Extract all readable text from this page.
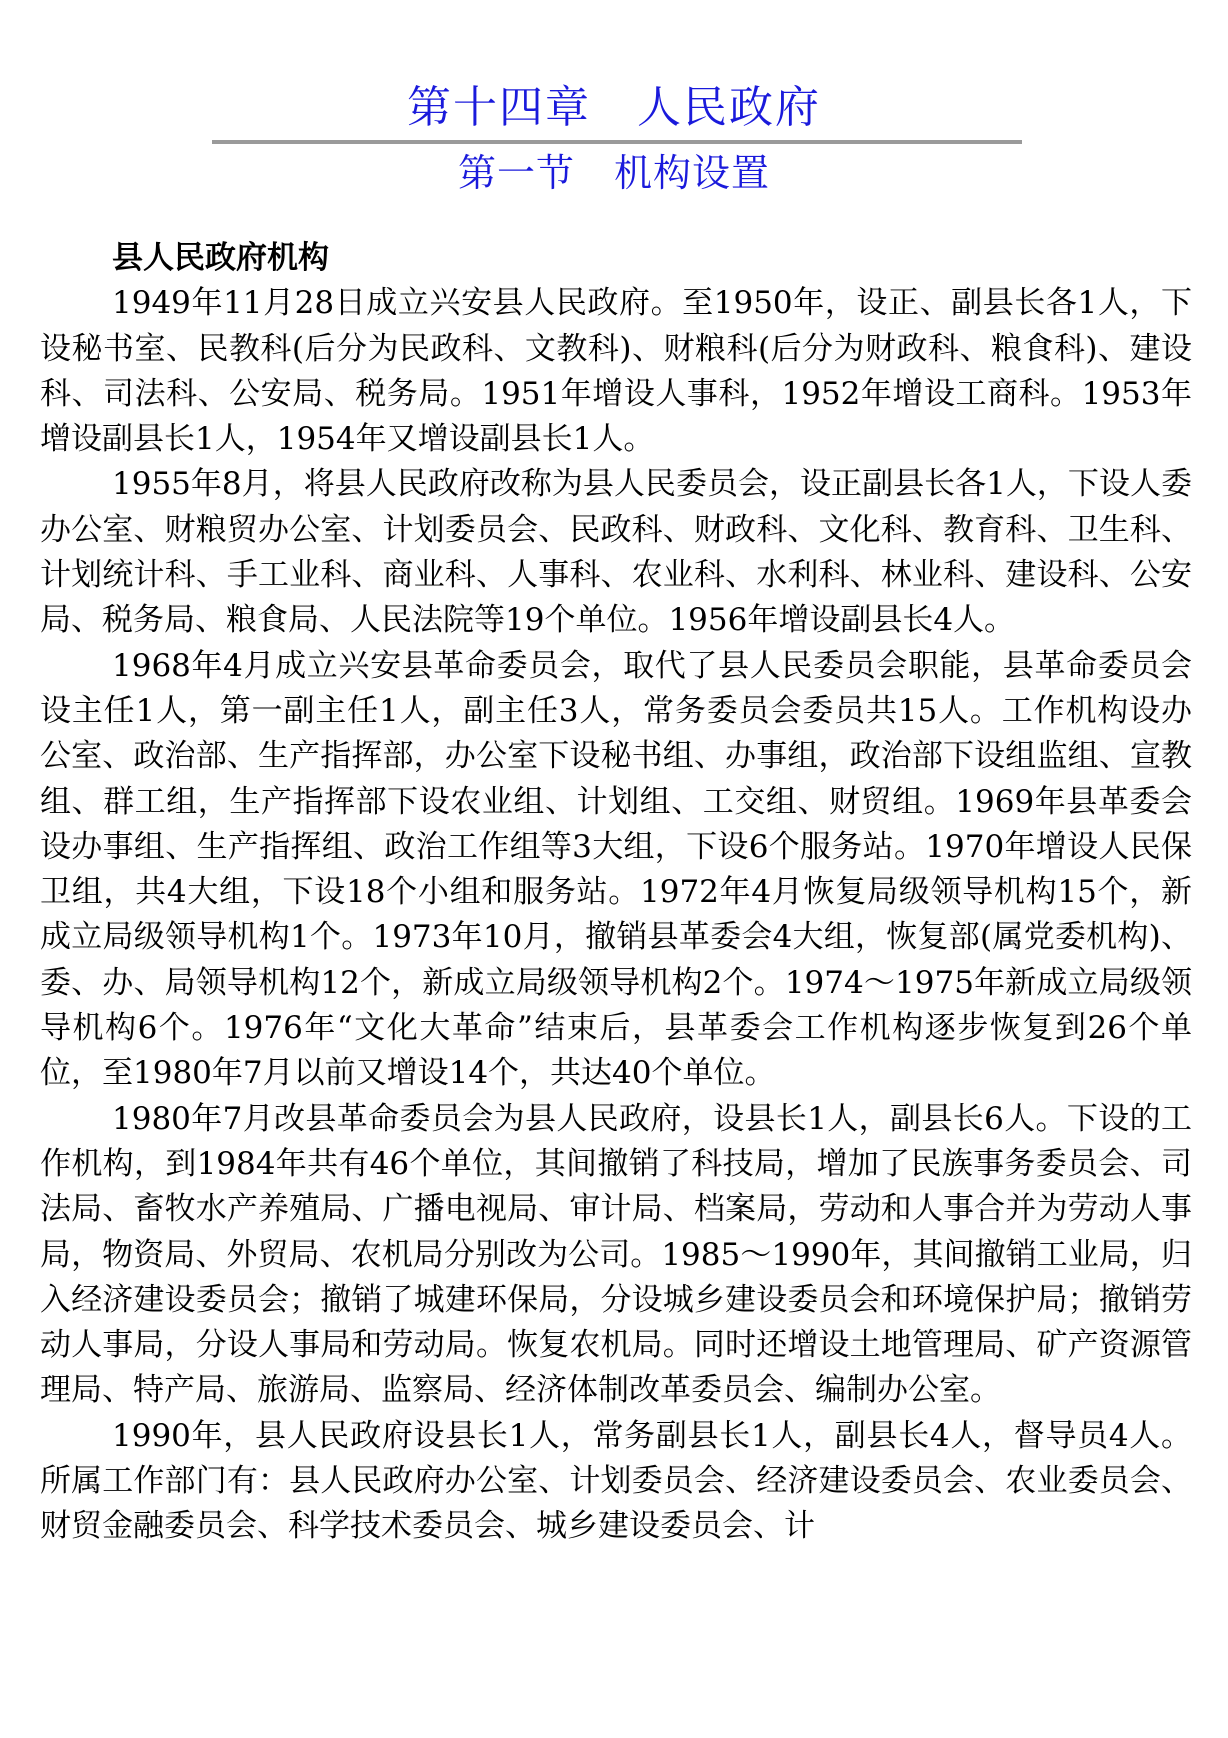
第十四章　人民政府
第一节　机构设置

县人民政府机构

1949年11月28日成立兴安县人民政府。至1950年，设正、副县长各1人，下设秘书室、民教科(后分为民政科、文教科)、财粮科(后分为财政科、粮食科)、建设科、司法科、公安局、税务局。1951年增设人事科，1952年增设工商科。1953年增设副县长1人，1954年又增设副县长1人。

1955年8月，将县人民政府改称为县人民委员会，设正副县长各1人，下设人委办公室、财粮贸办公室、计划委员会、民政科、财政科、文化科、教育科、卫生科、计划统计科、手工业科、商业科、人事科、农业科、水利科、林业科、建设科、公安局、税务局、粮食局、人民法院等19个单位。1956年增设副县长4人。

1968年4月成立兴安县革命委员会，取代了县人民委员会职能，县革命委员会设主任1人，第一副主任1人，副主任3人，常务委员会委员共15人。工作机构设办公室、政治部、生产指挥部，办公室下设秘书组、办事组，政治部下设组监组、宣教组、群工组，生产指挥部下设农业组、计划组、工交组、财贸组。1969年县革委会设办事组、生产指挥组、政治工作组等3大组，下设6个服务站。1970年增设人民保卫组，共4大组，下设18个小组和服务站。1972年4月恢复局级领导机构15个，新成立局级领导机构1个。1973年10月，撤销县革委会4大组，恢复部(属党委机构)、委、办、局领导机构12个，新成立局级领导机构2个。1974～1975年新成立局级领导机构6个。1976年“文化大革命”结束后，县革委会工作机构逐步恢复到26个单位，至1980年7月以前又增设14个，共达40个单位。

1980年7月改县革命委员会为县人民政府，设县长1人，副县长6人。下设的工作机构，到1984年共有46个单位，其间撤销了科技局，增加了民族事务委员会、司法局、畜牧水产养殖局、广播电视局、审计局、档案局，劳动和人事合并为劳动人事局，物资局、外贸局、农机局分别改为公司。1985～1990年，其间撤销工业局，归入经济建设委员会；撤销了城建环保局，分设城乡建设委员会和环境保护局；撤销劳动人事局，分设人事局和劳动局。恢复农机局。同时还增设土地管理局、矿产资源管理局、特产局、旅游局、监察局、经济体制改革委员会、编制办公室。

1990年，县人民政府设县长1人，常务副县长1人，副县长4人，督导员4人。所属工作部门有：县人民政府办公室、计划委员会、经济建设委员会、农业委员会、财贸金融委员会、科学技术委员会、城乡建设委员会、计
